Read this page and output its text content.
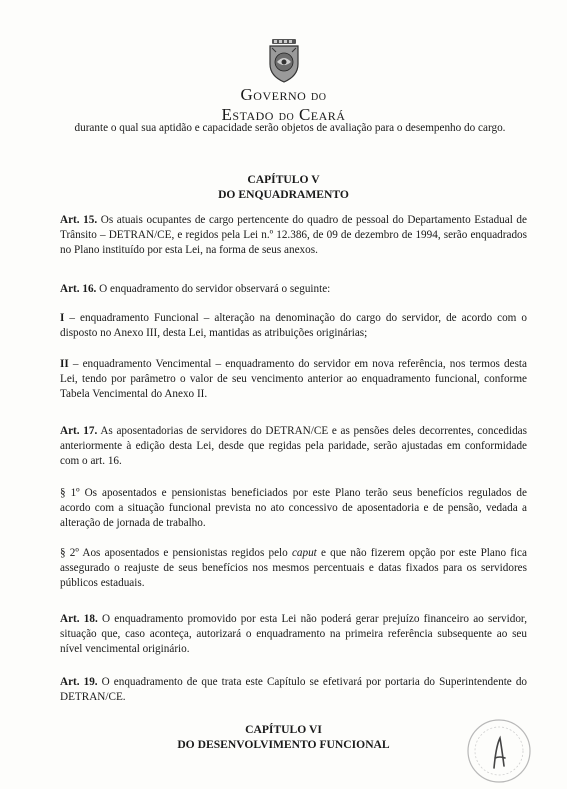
Governo do
Estado do Ceará
durante o qual sua aptidão e capacidade serão objetos de avaliação para o desempenho do cargo.
CAPÍTULO V
DO ENQUADRAMENTO
Art. 15. Os atuais ocupantes de cargo pertencente do quadro de pessoal do Departamento Estadual de Trânsito – DETRAN/CE, e regidos pela Lei n.º 12.386, de 09 de dezembro de 1994, serão enquadrados no Plano instituído por esta Lei, na forma de seus anexos.
Art. 16. O enquadramento do servidor observará o seguinte:
I – enquadramento Funcional – alteração na denominação do cargo do servidor, de acordo com o disposto no Anexo III, desta Lei, mantidas as atribuições originárias;
II – enquadramento Vencimental – enquadramento do servidor em nova referência, nos termos desta Lei, tendo por parâmetro o valor de seu vencimento anterior ao enquadramento funcional, conforme Tabela Vencimental do Anexo II.
Art. 17. As aposentadorias de servidores do DETRAN/CE e as pensões deles decorrentes, concedidas anteriormente à edição desta Lei, desde que regidas pela paridade, serão ajustadas em conformidade com o art. 16.
§ 1º Os aposentados e pensionistas beneficiados por este Plano terão seus benefícios regulados de acordo com a situação funcional prevista no ato concessivo de aposentadoria e de pensão, vedada a alteração de jornada de trabalho.
§ 2º Aos aposentados e pensionistas regidos pelo caput e que não fizerem opção por este Plano fica assegurado o reajuste de seus benefícios nos mesmos percentuais e datas fixados para os servidores públicos estaduais.
Art. 18. O enquadramento promovido por esta Lei não poderá gerar prejuízo financeiro ao servidor, situação que, caso aconteça, autorizará o enquadramento na primeira referência subsequente ao seu nível vencimental originário.
Art. 19. O enquadramento de que trata este Capítulo se efetivará por portaria do Superintendente do DETRAN/CE.
CAPÍTULO VI
DO DESENVOLVIMENTO FUNCIONAL
